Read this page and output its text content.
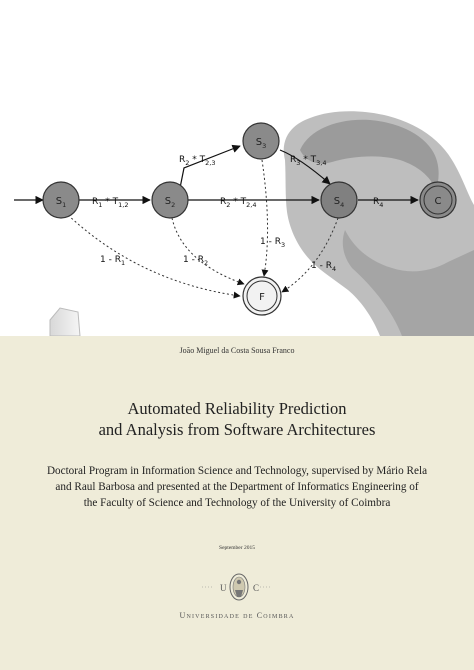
$S_1$	$S_2$
$S_3$
$S_4$	C
F
$R_1 * T_{1,2}$
$R_2 * T_{2,3}$
$R_2 * T_{2,4}$
$R_3 * T_{3,4}$
$R_4$
$1 - R_1$	$1 - R_2$
$1 - R_3$
$1 - R_4$
João Miguel da Costa Sousa Franco
Automated Reliability Prediction
and Analysis from Software Architectures
Doctoral Program in Information Science and Technology, supervised by Mário Rela
and Raul Barbosa and presented at the Department of Informatics Engineering of
the Faculty of Science and Technology of the University of Coimbra
September 2015
U	C
Universidade de Coimbra
